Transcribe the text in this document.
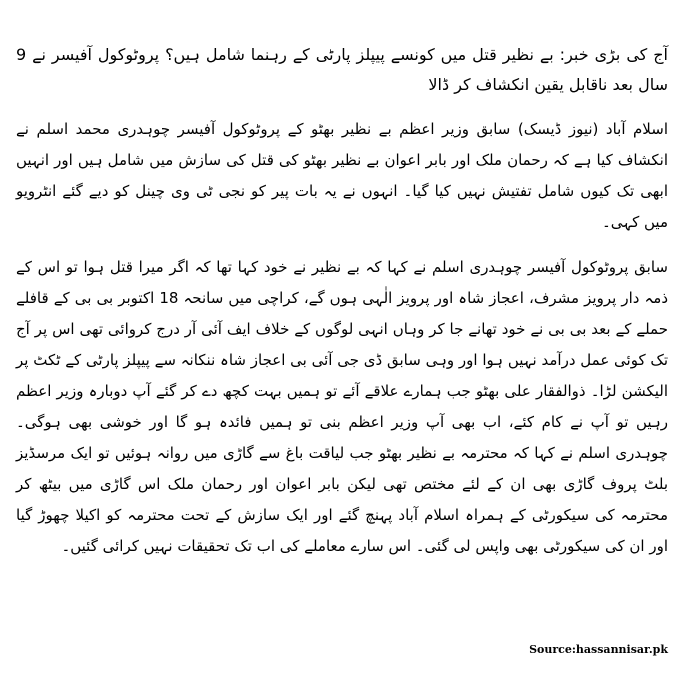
آج کی بڑی خبر: بے نظیر قتل میں کونسے پیپلز پارٹی کے رہنما شامل ہیں؟ پروٹوکول آفیسر نے 9 سال بعد ناقابل یقین انکشاف کر ڈالا

اسلام آباد (نیوز ڈیسک) سابق وزیر اعظم بے نظیر بھٹو کے پروٹوکول آفیسر چوہدری محمد اسلم نے انکشاف کیا ہے کہ رحمان ملک اور بابر اعوان بے نظیر بھٹو کی قتل کی سازش میں شامل ہیں اور انہیں ابھی تک کیوں شامل تفتیش نہیں کیا گیا۔ انہوں نے یہ بات پیر کو نجی ٹی وی چینل کو دیے گئے انٹرویو میں کہی۔

سابق پروٹوکول آفیسر چوہدری اسلم نے کہا کہ بے نظیر نے خود کہا تھا کہ اگر میرا قتل ہوا تو اس کے ذمہ دار پرویز مشرف، اعجاز شاہ اور پرویز الٰہی ہوں گے، کراچی میں سانحہ 18 اکتوبر بی بی کے قافلے حملے کے بعد بی بی نے خود تھانے جا کر وہاں انہی لوگوں کے خلاف ایف آئی آر درج کروائی تھی اس پر آج تک کوئی عمل درآمد نہیں ہوا اور وہی سابق ڈی جی آئی بی اعجاز شاہ ننکانہ سے پیپلز پارٹی کے ٹکٹ پر الیکشن لڑا۔ ذوالفقار علی بھٹو جب ہمارے علاقے آئے تو ہمیں بہت کچھ دے کر گئے آپ دوبارہ وزیر اعظم رہیں تو آپ نے کام کئے، اب بھی آپ وزیر اعظم بنی تو ہمیں فائدہ ہو گا اور خوشی بھی ہوگی۔ چوہدری اسلم نے کہا کہ محترمہ بے نظیر بھٹو جب لیاقت باغ سے گاڑی میں روانہ ہوئیں تو ایک مرسڈیز بلٹ پروف گاڑی بھی ان کے لئے مختص تھی لیکن بابر اعوان اور رحمان ملک اس گاڑی میں بیٹھ کر محترمہ کی سیکورٹی کے ہمراہ اسلام آباد پہنچ گئے اور ایک سازش کے تحت محترمہ کو اکیلا چھوڑ گیا اور ان کی سیکورٹی بھی واپس لی گئی۔ اس سارے معاملے کی اب تک تحقیقات نہیں کرائی گئیں۔

Source:hassannisar.pk
